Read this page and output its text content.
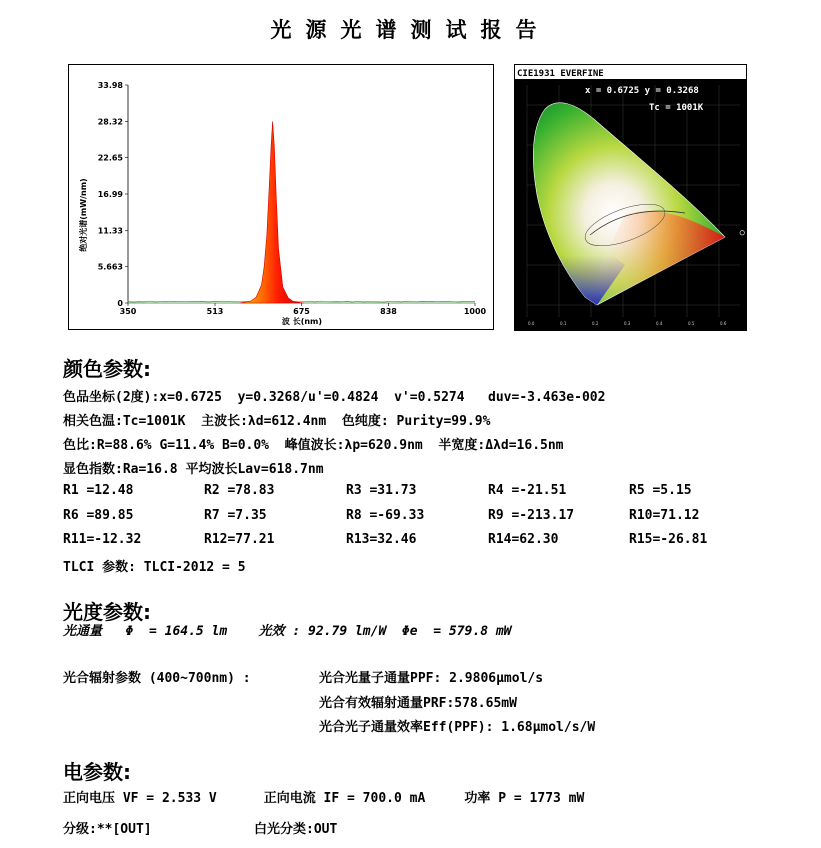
光源光谱测试报告
0
5.663
11.33
16.99
22.65
28.32
33.98
350	513	675	838	1000
绝对光谱(mW/nm)
波 长(nm)
CIE1931 EVERFINE
x = 0.6725 y = 0.3268
Tc = 1001K
0.0	0.1	0.2	0.3	0.4	0.5	0.6
颜色参数:
色品坐标(2度):x=0.6725  y=0.3268/u'=0.4824  v'=0.5274   duv=-3.463e-002
相关色温:Tc=1001K  主波长:λd=612.4nm  色纯度: Purity=99.9%
色比:R=88.6% G=11.4% B=0.0%  峰值波长:λp=620.9nm  半宽度:Δλd=16.5nm
显色指数:Ra=16.8 平均波长Lav=618.7nm
R1 =12.48	R2 =78.83	R3 =31.73	R4 =-21.51	R5 =5.15
R6 =89.85	R7 =7.35	R8 =-69.33	R9 =-213.17	R10=71.12
R11=-12.32	R12=77.21	R13=32.46	R14=62.30	R15=-26.81
TLCI 参数: TLCI-2012 = 5
光度参数:
光通量   Φ  = 164.5 lm    光效 : 92.79 lm/W  Φe  = 579.8 mW
光合辐射参数 (400~700nm) :	光合光量子通量PPF: 2.9806μmol/s
光合有效辐射通量PRF:578.65mW
光合光子通量效率Eff(PPF): 1.68μmol/s/W
电参数:
正向电压 VF = 2.533 V      正向电流 IF = 700.0 mA     功率 P = 1773 mW
分级:**[OUT]	白光分类:OUT
